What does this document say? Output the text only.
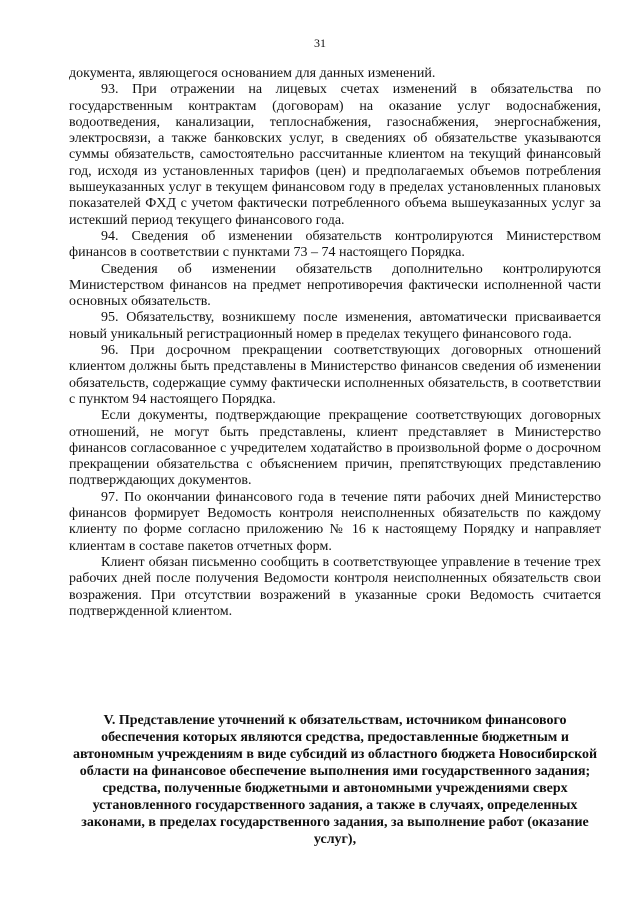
31

документа, являющегося основанием для данных изменений.

93. При отражении на лицевых счетах изменений в обязательства по государственным контрактам (договорам) на оказание услуг водоснабжения, водоотведения, канализации, теплоснабжения, газоснабжения, энергоснабжения, электросвязи, а также банковских услуг, в сведениях об обязательстве указываются суммы обязательств, самостоятельно рассчитанные клиентом на текущий финансовый год, исходя из установленных тарифов (цен) и предполагаемых объемов потребления вышеуказанных услуг в текущем финансовом году в пределах установленных плановых показателей ФХД с учетом фактически потребленного объема вышеуказанных услуг за истекший период текущего финансового года.

94. Сведения об изменении обязательств контролируются Министерством финансов в соответствии с пунктами 73 – 74 настоящего Порядка.

Сведения об изменении обязательств дополнительно контролируются Министерством финансов на предмет непротиворечия фактически исполненной части основных обязательств.

95. Обязательству, возникшему после изменения, автоматически присваивается новый уникальный регистрационный номер в пределах текущего финансового года.

96. При досрочном прекращении соответствующих договорных отношений клиентом должны быть представлены в Министерство финансов сведения об изменении обязательств, содержащие сумму фактически исполненных обязательств, в соответствии с пунктом 94 настоящего Порядка.

Если документы, подтверждающие прекращение соответствующих договорных отношений, не могут быть представлены, клиент представляет в Министерство финансов согласованное с учредителем ходатайство в произвольной форме о досрочном прекращении обязательства с объяснением причин, препятствующих представлению подтверждающих документов.

97. По окончании финансового года в течение пяти рабочих дней Министерство финансов формирует Ведомость контроля неисполненных обязательств по каждому клиенту по форме согласно приложению № 16 к настоящему Порядку и направляет клиентам в составе пакетов отчетных форм.

Клиент обязан письменно сообщить в соответствующее управление в течение трех рабочих дней после получения Ведомости контроля неисполненных обязательств свои возражения. При отсутствии возражений в указанные сроки Ведомость считается подтвержденной клиентом.

V. Представление уточнений к обязательствам, источником финансового обеспечения которых являются средства, предоставленные бюджетным и автономным учреждениям в виде субсидий из областного бюджета Новосибирской области на финансовое обеспечение выполнения ими государственного задания; средства, полученные бюджетными и автономными учреждениями сверх установленного государственного задания, а также в случаях, определенных законами, в пределах государственного задания, за выполнение работ (оказание услуг),
